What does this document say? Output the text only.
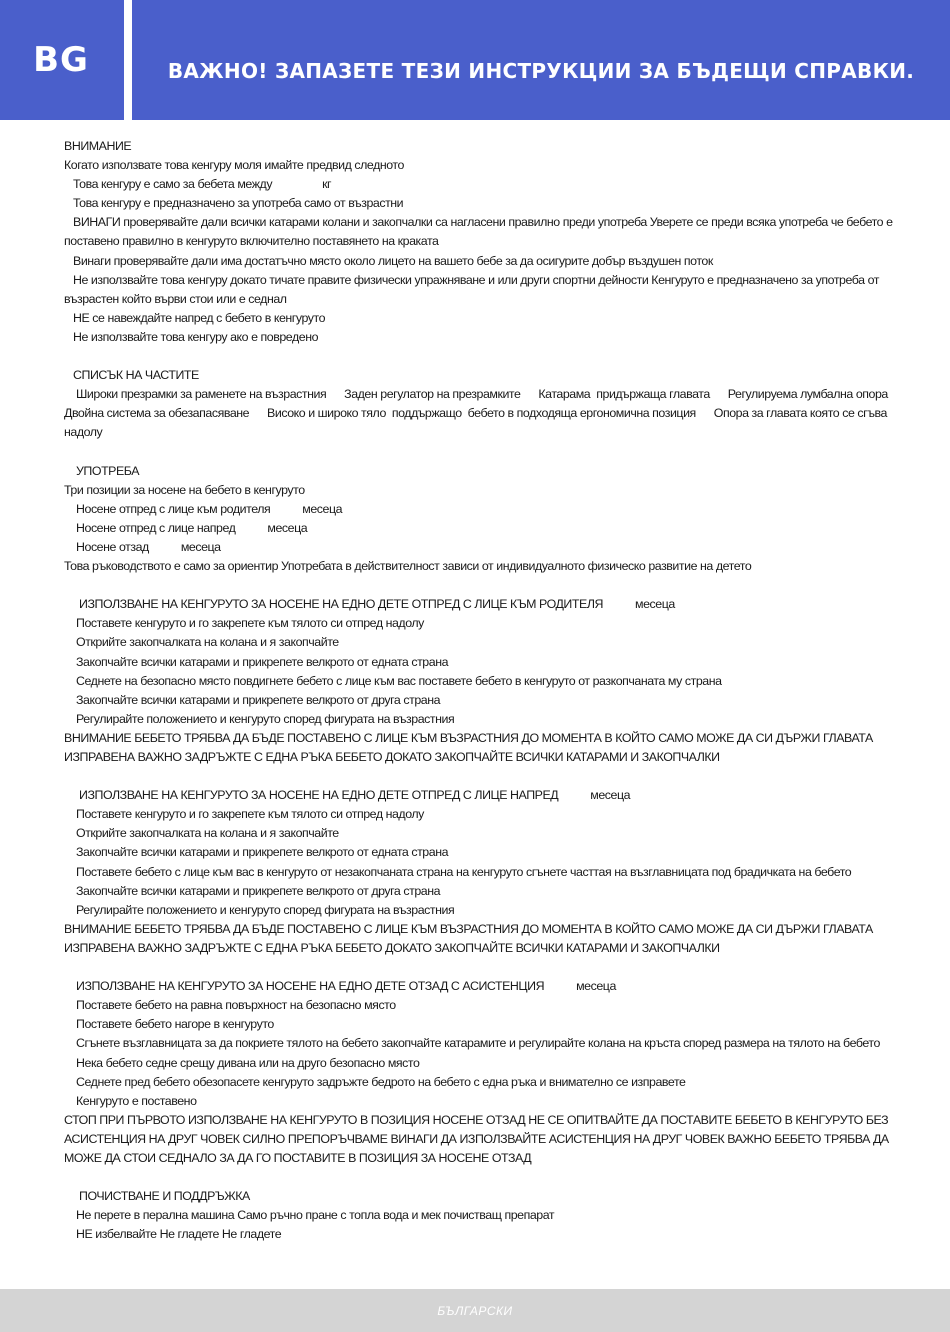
BG	ВАЖНО! ЗАПАЗЕТЕ ТЕЗИ ИНСТРУКЦИИ ЗА БЪДЕЩИ СПРАВКИ.

ВНИМАНИЕ

Когато използвате това кенгуру моля имайте предвид следното

Това кенгуру е само за бебета между	кг

Това кенгуру е предназначено за употреба само от възрастни

ВИНАГИ проверявайте дали всички катарами колани и закопчалки са нагласени правилно преди употреба Уверете се преди всяка употреба че бебето е поставено правилно в кенгуруто включително поставянето на краката

Винаги проверявайте дали има достатъчно място около лицето на вашето бебе за да осигурите добър въздушен поток

Не използвайте това кенгуру докато тичате правите физически упражняване и или други спортни дейности Кенгуруто е предназначено за употреба от възрастен който върви стои или е седнал

НЕ се навеждайте напред с бебето в кенгуруто

Не използвайте това кенгуру ако е повредено

СПИСЪК НА ЧАСТИТЕ

Широки презрамки за раменете на възрастния      Заден регулатор на презрамките      Катарама  придържаща главата      Регулируема лумбална опора      Двойна система за обезапасяване      Високо и широко тяло  поддържащо  бебето в подходяща ергономична позиция      Опора за главата която се сгъва  надолу

УПОТРЕБА

Три позиции за носене на бебето в кенгуруто

Носене отпред с лице към родителя	месеца

Носене отпред с лице напред	месеца

Носене отзад	месеца

Това ръководството е само за ориентир Употребата в действителност зависи от индивидуалното физическо развитие на детето

ИЗПОЛЗВАНЕ НА КЕНГУРУТО ЗА НОСЕНЕ НА ЕДНО ДЕТЕ ОТПРЕД С ЛИЦЕ КЪМ РОДИТЕЛЯ	месеца

Поставете кенгуруто и го закрепете към тялото си отпред надолу

Открийте закопчалката на колана и я закопчайте

Закопчайте всички катарами и прикрепете велкрото от едната страна

Седнете на безопасно място повдигнете бебето с лице към вас поставете бебето в кенгуруто от разкопчаната му страна

Закопчайте всички катарами и прикрепете велкрото от друга страна

Регулирайте положението и кенгуруто според фигурата на възрастния

ВНИМАНИЕ БЕБЕТО ТРЯБВА ДА БЪДЕ ПОСТАВЕНО С ЛИЦЕ КЪМ ВЪЗРАСТНИЯ ДО МОМЕНТА В КОЙТО САМО МОЖЕ ДА СИ ДЪРЖИ ГЛАВАТА ИЗПРАВЕНА ВАЖНО ЗАДРЪЖТЕ С ЕДНА РЪКА БЕБЕТО ДОКАТО ЗАКОПЧАЙТЕ ВСИЧКИ КАТАРАМИ И ЗАКОПЧАЛКИ

ИЗПОЛЗВАНЕ НА КЕНГУРУТО ЗА НОСЕНЕ НА ЕДНО ДЕТЕ ОТПРЕД С ЛИЦЕ НАПРЕД	месеца

Поставете кенгуруто и го закрепете към тялото си отпред надолу

Открийте закопчалката на колана и я закопчайте

Закопчайте всички катарами и прикрепете велкрото от едната страна

Поставете бебето с лице към вас в кенгуруто от незакопчаната страна на кенгуруто сгънете часттая на възглавницата под брадичката на бебето

Закопчайте всички катарами и прикрепете велкрото от друга страна

Регулирайте положението и кенгуруто според фигурата на възрастния

ВНИМАНИЕ БЕБЕТО ТРЯБВА ДА БЪДЕ ПОСТАВЕНО С ЛИЦЕ КЪМ ВЪЗРАСТНИЯ ДО МОМЕНТА В КОЙТО САМО МОЖЕ ДА СИ ДЪРЖИ ГЛАВАТА ИЗПРАВЕНА ВАЖНО ЗАДРЪЖТЕ С ЕДНА РЪКА БЕБЕТО ДОКАТО ЗАКОПЧАЙТЕ ВСИЧКИ КАТАРАМИ И ЗАКОПЧАЛКИ

ИЗПОЛЗВАНЕ НА КЕНГУРУТО ЗА НОСЕНЕ НА ЕДНО ДЕТЕ ОТЗАД С АСИСТЕНЦИЯ	месеца

Поставете бебето на равна повърхност на безопасно място

Поставете бебето нагоре в кенгуруто

Сгънете възглавницата за да покриете тялото на бебето закопчайте катарамите и регулирайте колана на кръста според размера на тялото на бебето

Нека бебето седне срещу дивана или на друго безопасно място

Седнете пред бебето обезопасете кенгуруто задръжте бедрото на бебето с една ръка и внимателно се изправете

Кенгуруто е поставено

СТОП ПРИ ПЪРВОТО ИЗПОЛЗВАНЕ НА КЕНГУРУТО В ПОЗИЦИЯ НОСЕНЕ ОТЗАД НЕ СЕ ОПИТВАЙТЕ ДА ПОСТАВИТЕ БЕБЕТО В КЕНГУРУТО БЕЗ АСИСТЕНЦИЯ НА ДРУГ ЧОВЕК СИЛНО ПРЕПОРЪЧВАМЕ ВИНАГИ ДА ИЗПОЛЗВАЙТЕ АСИСТЕНЦИЯ НА ДРУГ ЧОВЕК ВАЖНО БЕБЕТО ТРЯБВА ДА МОЖЕ ДА СТОИ СЕДНАЛО ЗА ДА ГО ПОСТАВИТЕ В ПОЗИЦИЯ ЗА НОСЕНЕ ОТЗАД

ПОЧИСТВАНЕ И ПОДДРЪЖКА

Не перете в перална машина Само ръчно пране с топла вода и мек почистващ препарат

НЕ избелвайте Не гладете Не гладете

БЪЛГАРСКИ
